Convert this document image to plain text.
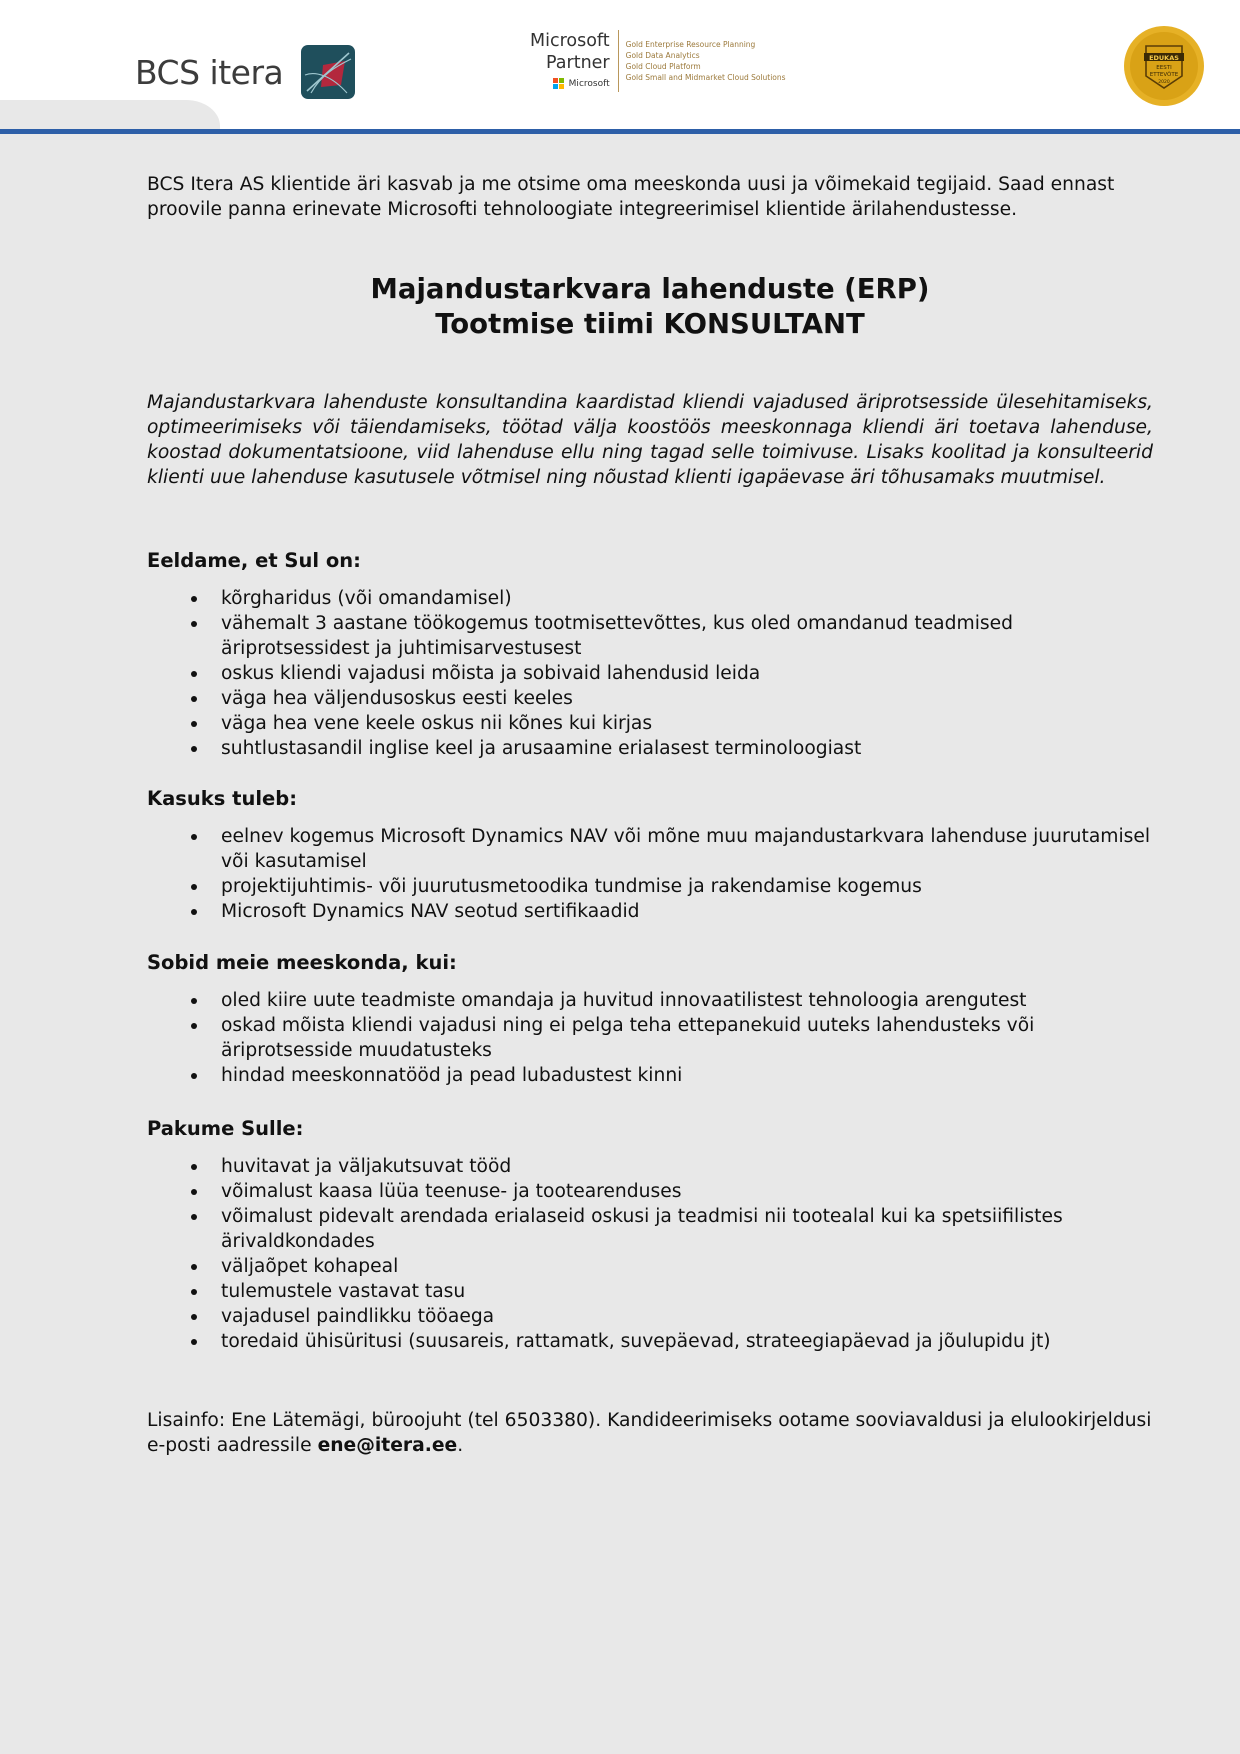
BCS itera
Microsoft
Partner
Microsoft
Gold Enterprise Resource Planning
Gold Data Analytics
Gold Cloud Platform
Gold Small and Midmarket Cloud Solutions
EDUKAS
EESTI
ETTEVÕTE
2020

BCS Itera AS klientide äri kasvab ja me otsime oma meeskonda uusi ja võimekaid tegijaid. Saad ennast proovile panna erinevate Microsofti tehnoloogiate integreerimisel klientide ärilahendustesse.

Majandustarkvara lahenduste (ERP)
Tootmise tiimi KONSULTANT

Majandustarkvara lahenduste konsultandina kaardistad kliendi vajadused äriprotsesside ülesehitamiseks, optimeerimiseks või täiendamiseks, töötad välja koostöös meeskonnaga kliendi äri toetava lahenduse, koostad dokumentatsioone, viid lahenduse ellu ning tagad selle toimivuse. Lisaks koolitad ja konsulteerid klienti uue lahenduse kasutusele võtmisel ning nõustad klienti igapäevase äri tõhusamaks muutmisel.

Eeldame, et Sul on:
kõrgharidus (või omandamisel)
vähemalt 3 aastane töökogemus tootmisettevõttes, kus oled omandanud teadmised äriprotsessidest ja juhtimisarvestusest
oskus kliendi vajadusi mõista ja sobivaid lahendusid leida
väga hea väljendusoskus eesti keeles
väga hea vene keele oskus nii kõnes kui kirjas
suhtlustasandil inglise keel ja arusaamine erialasest terminoloogiast
Kasuks tuleb:
eelnev kogemus Microsoft Dynamics NAV või mõne muu majandustarkvara lahenduse juurutamisel või kasutamisel
projektijuhtimis- või juurutusmetoodika tundmise ja rakendamise kogemus
Microsoft Dynamics NAV seotud sertifikaadid
Sobid meie meeskonda, kui:
oled kiire uute teadmiste omandaja ja huvitud innovaatilistest tehnoloogia arengutest
oskad mõista kliendi vajadusi ning ei pelga teha ettepanekuid uuteks lahendusteks või äriprotsesside muudatusteks
hindad meeskonnatööd ja pead lubadustest kinni
Pakume Sulle:
huvitavat ja väljakutsuvat tööd
võimalust kaasa lüüa teenuse- ja tootearenduses
võimalust pidevalt arendada erialaseid oskusi ja teadmisi nii tootealal kui ka spetsiifilistes ärivaldkondades
väljaõpet kohapeal
tulemustele vastavat tasu
vajadusel paindlikku tööaega
toredaid ühisüritusi (suusareis, rattamatk, suvepäevad, strateegiapäevad ja jõulupidu jt)

Lisainfo: Ene Lätemägi, büroojuht (tel 6503380). Kandideerimiseks ootame sooviavaldusi ja elulookirjeldusi e-posti aadressile ene@itera.ee.
